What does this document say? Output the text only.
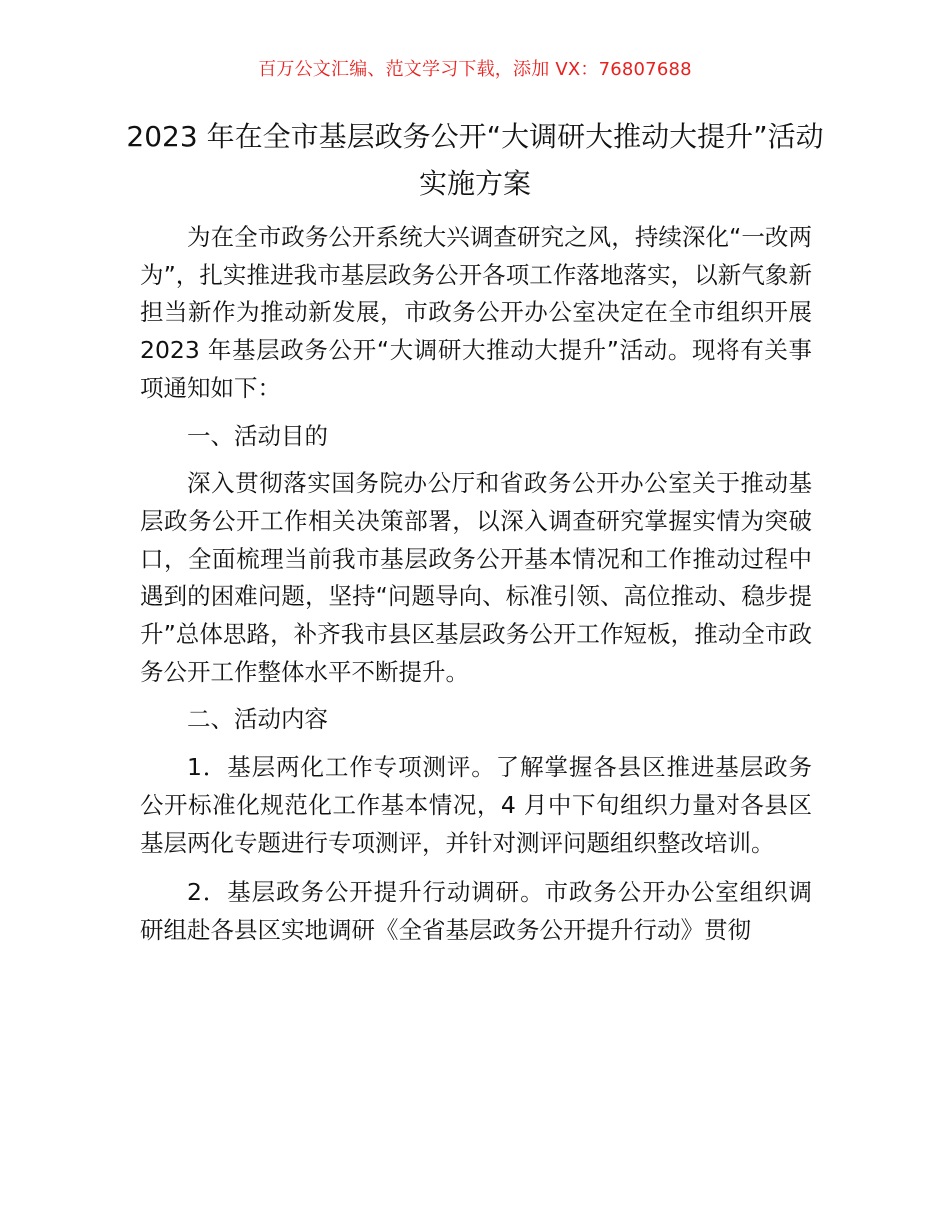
百万公文汇编、范文学习下载，添加 VX：76807688
2023 年在全市基层政务公开“大调研大推动大提升”活动实施方案

为在全市政务公开系统大兴调查研究之风，持续深化“一改两为”，扎实推进我市基层政务公开各项工作落地落实，以新气象新担当新作为推动新发展，市政务公开办公室决定在全市组织开展 2023 年基层政务公开“大调研大推动大提升”活动。现将有关事项通知如下：

一、活动目的

深入贯彻落实国务院办公厅和省政务公开办公室关于推动基层政务公开工作相关决策部署，以深入调查研究掌握实情为突破口，全面梳理当前我市基层政务公开基本情况和工作推动过程中遇到的困难问题，坚持“问题导向、标准引领、高位推动、稳步提升”总体思路，补齐我市县区基层政务公开工作短板，推动全市政务公开工作整体水平不断提升。

二、活动内容

1．基层两化工作专项测评。了解掌握各县区推进基层政务公开标准化规范化工作基本情况，4 月中下旬组织力量对各县区基层两化专题进行专项测评，并针对测评问题组织整改培训。

2．基层政务公开提升行动调研。市政务公开办公室组织调研组赴各县区实地调研《全省基层政务公开提升行动》贯彻
